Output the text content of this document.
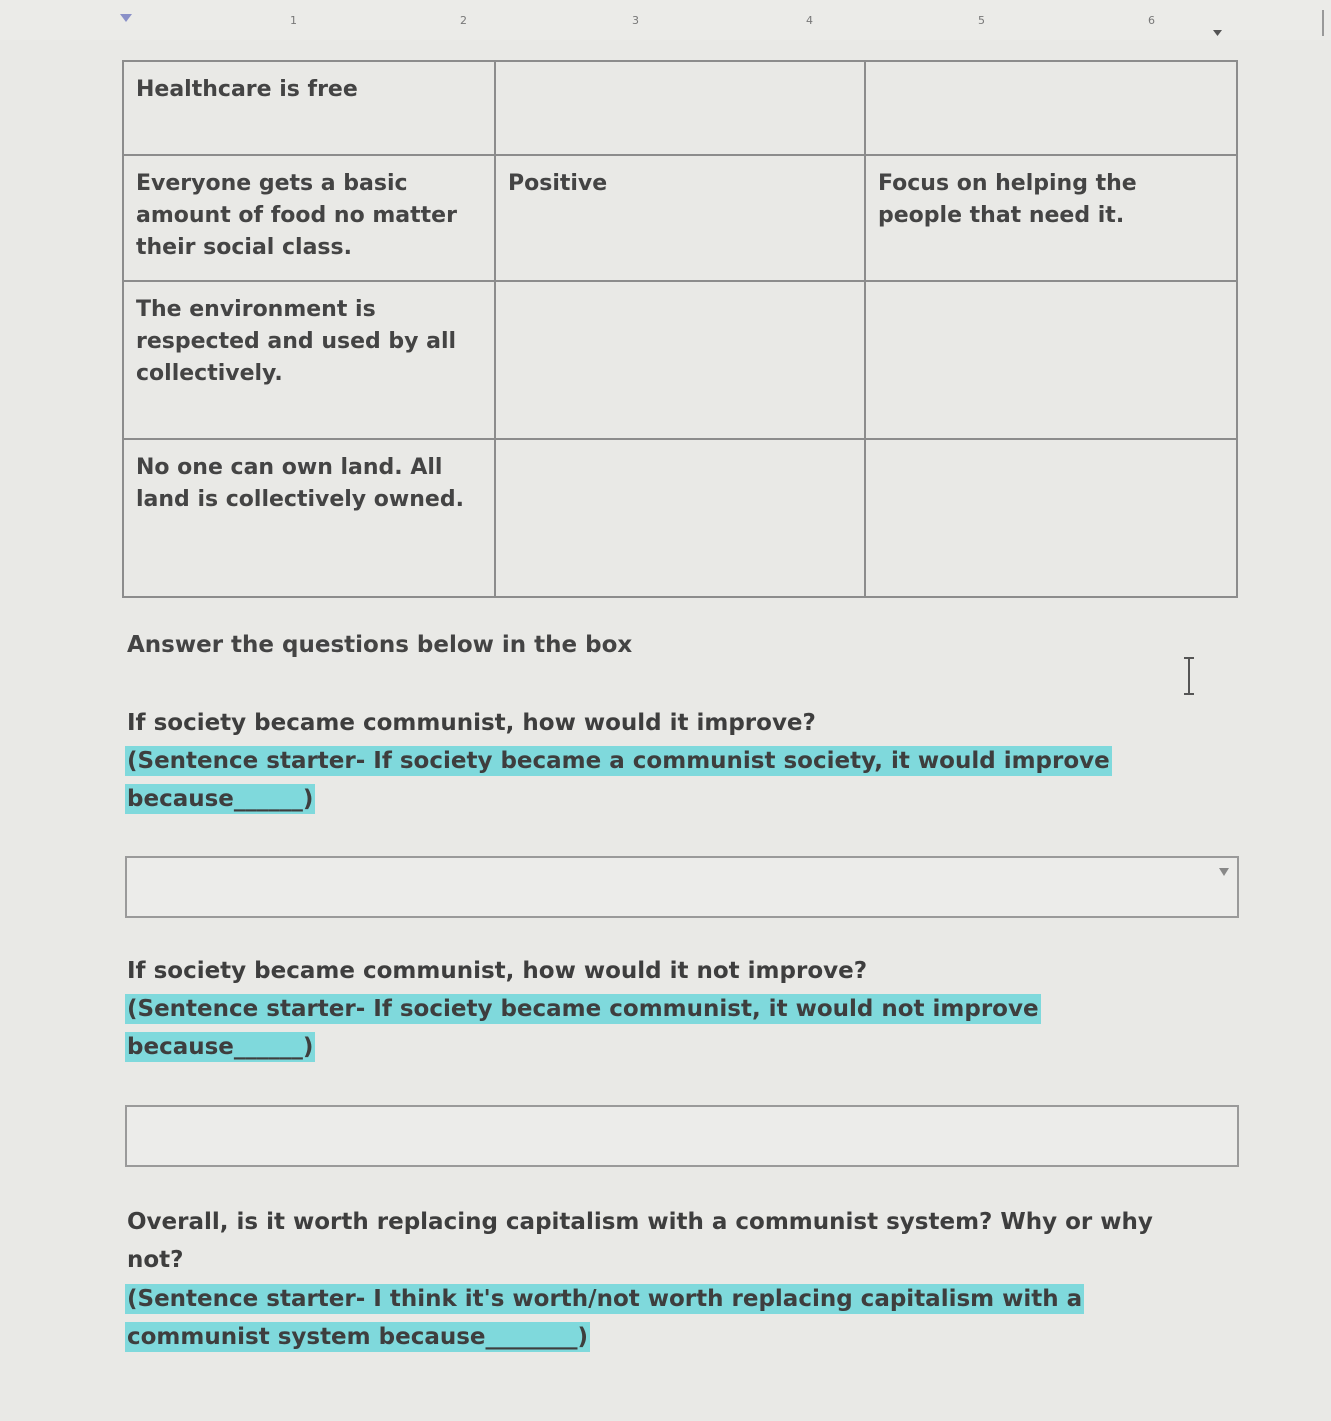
1	2	3	4	5	6
Healthcare is free		
Everyone gets a basic amount of food no matter their social class.	Positive	Focus on helping the people that need it.
The environment is respected and used by all collectively.		
No one can own land. All land is collectively owned.		
Answer the questions below in the box
If society became communist, how would it improve?
(Sentence starter- If society became a communist society, it would improve
because______)
If society became communist, how would it not improve?
(Sentence starter- If society became communist, it would not improve
because______)
Overall, is it worth replacing capitalism with a communist system? Why or why not?
(Sentence starter- I think it's worth/not worth replacing capitalism with a
communist system because________)
